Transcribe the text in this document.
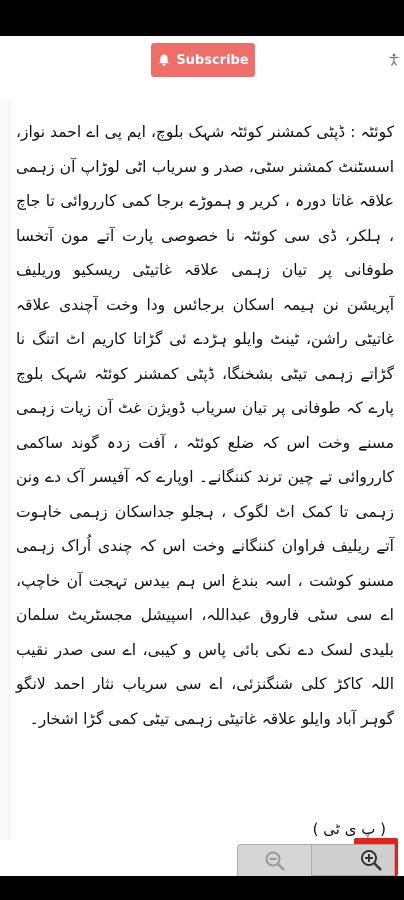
Subscribe
کوئٹہ : ڈپٹی کمشنر کوئٹہ شہک بلوچ، ایم پی اے احمد نواز، اسسٹنٹ کمشنر سٹی، صدر و سریاب اٹی لوڑاپ آن زہمی علاقہ غاتا دورہ ، کریر و ہموڑے برجا کمی کارروائی تا جاچ ، ہلکر، ڈی سی کوئٹہ نا خصوصی پارت آتے مون آتخسا طوفانی پر تیان زہمی علاقہ غاتیٹی ریسکیو وریلیف آپریشن نن ہیمہ اسکان برجائس ودا وخت آچندی علاقہ غاتیٹی راشن، ٹینٹ وایلو ہڑدے ئی گڑاتا کاریم اٹ اتنگ نا گڑاتے زہمی تیٹی بشخنگا، ڈپٹی کمشنر کوئٹہ شہک بلوچ پارے کہ طوفانی پر تیان سریاب ڈویژن غٹ آن زیات زہمی مسنے وخت اس کہ ضلع کوئٹہ ، آفت زدہ گوند ساکمی کارروائی تے چین ترند کننگانے۔ اوپارے کہ آفیسر آک دے ونن زہمی تا کمک اٹ لگوک ، ہجلو جداسکان زہمی خاہوت آتے ریلیف فراوان کننگانے وخت اس کہ چندی اُراک زہمی مسنو کوشت ، اسہ بندغ اس ہم بیدس تہجت آن خاچپ، اے سی سٹی فاروق عبداللہ، اسپیشل مجسٹریٹ سلمان بلیدی لسک دے نکی بائی پاس و کیبی، اے سی صدر نقیب اللہ کاکڑ کلی شنگنزئی، اے سی سریاب نثار احمد لانگو گوہر آباد وایلو علاقہ غاتیٹی زہمی تیٹی کمی گڑا اشخار۔
( پ ی ٹی )
